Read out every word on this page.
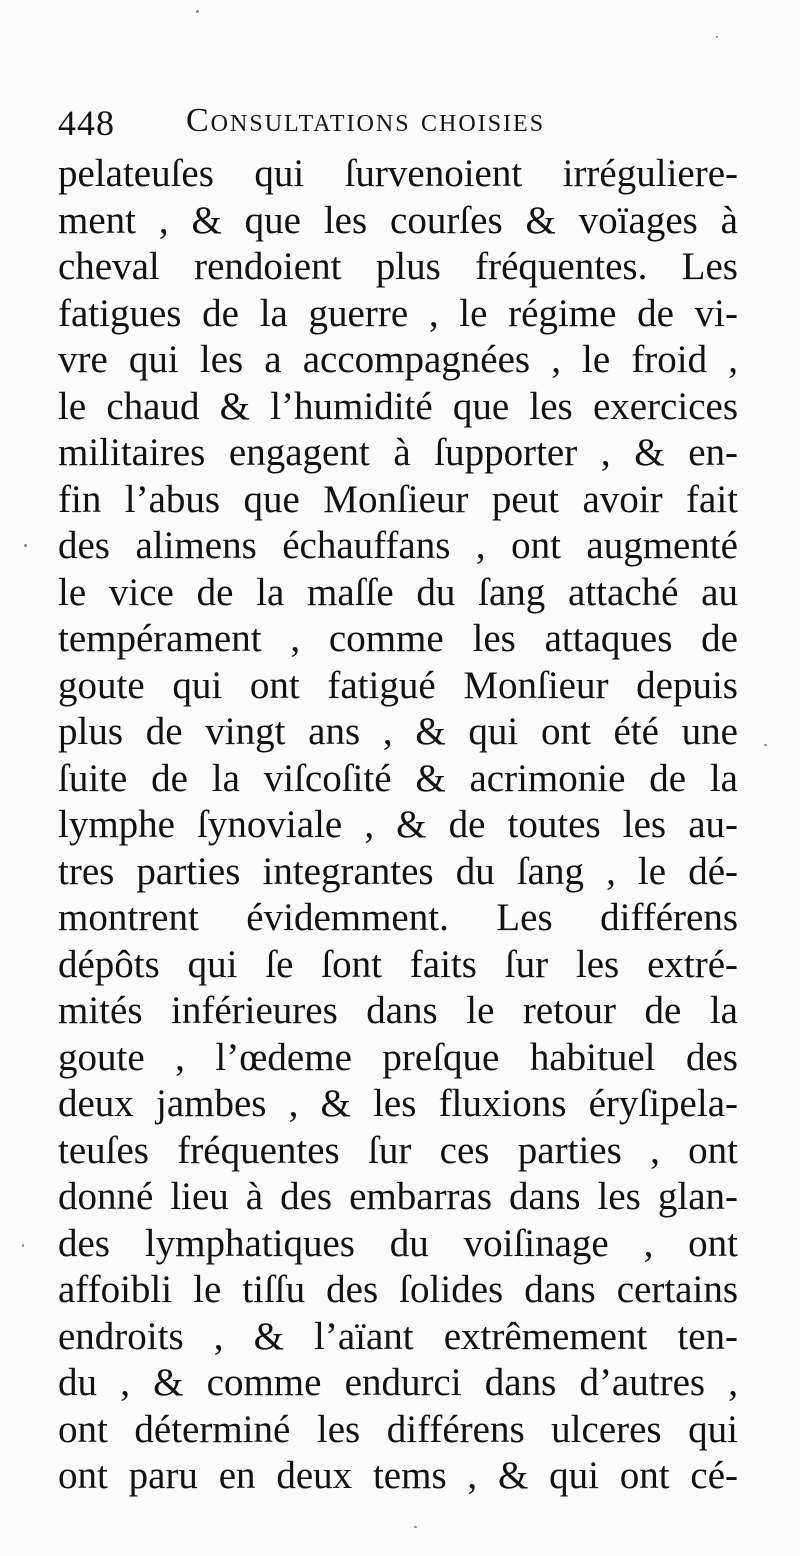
448 Consultations choisies
pelateuſes qui ſurvenoient irréguliere-
ment , & que les courſes & voïages à
cheval rendoient plus fréquentes. Les
fatigues de la guerre , le régime de vi-
vre qui les a accompagnées , le froid ,
le chaud & l’humidité que les exercices
militaires engagent à ſupporter , & en-
fin l’abus que Monſieur peut avoir fait
des alimens échauffans , ont augmenté
le vice de la maſſe du ſang attaché au
tempérament , comme les attaques de
goute qui ont fatigué Monſieur depuis
plus de vingt ans , & qui ont été une
ſuite de la viſcoſité & acrimonie de la
lymphe ſynoviale , & de toutes les au-
tres parties integrantes du ſang , le dé-
montrent évidemment. Les différens
dépôts qui ſe ſont faits ſur les extré-
mités inférieures dans le retour de la
goute , l’œdeme preſque habituel des
deux jambes , & les fluxions éryſipela-
teuſes fréquentes ſur ces parties , ont
donné lieu à des embarras dans les glan-
des lymphatiques du voiſinage , ont
affoibli le tiſſu des ſolides dans certains
endroits , & l’aïant extrêmement ten-
du , & comme endurci dans d’autres ,
ont déterminé les différens ulceres qui
ont paru en deux tems , & qui ont cé-
